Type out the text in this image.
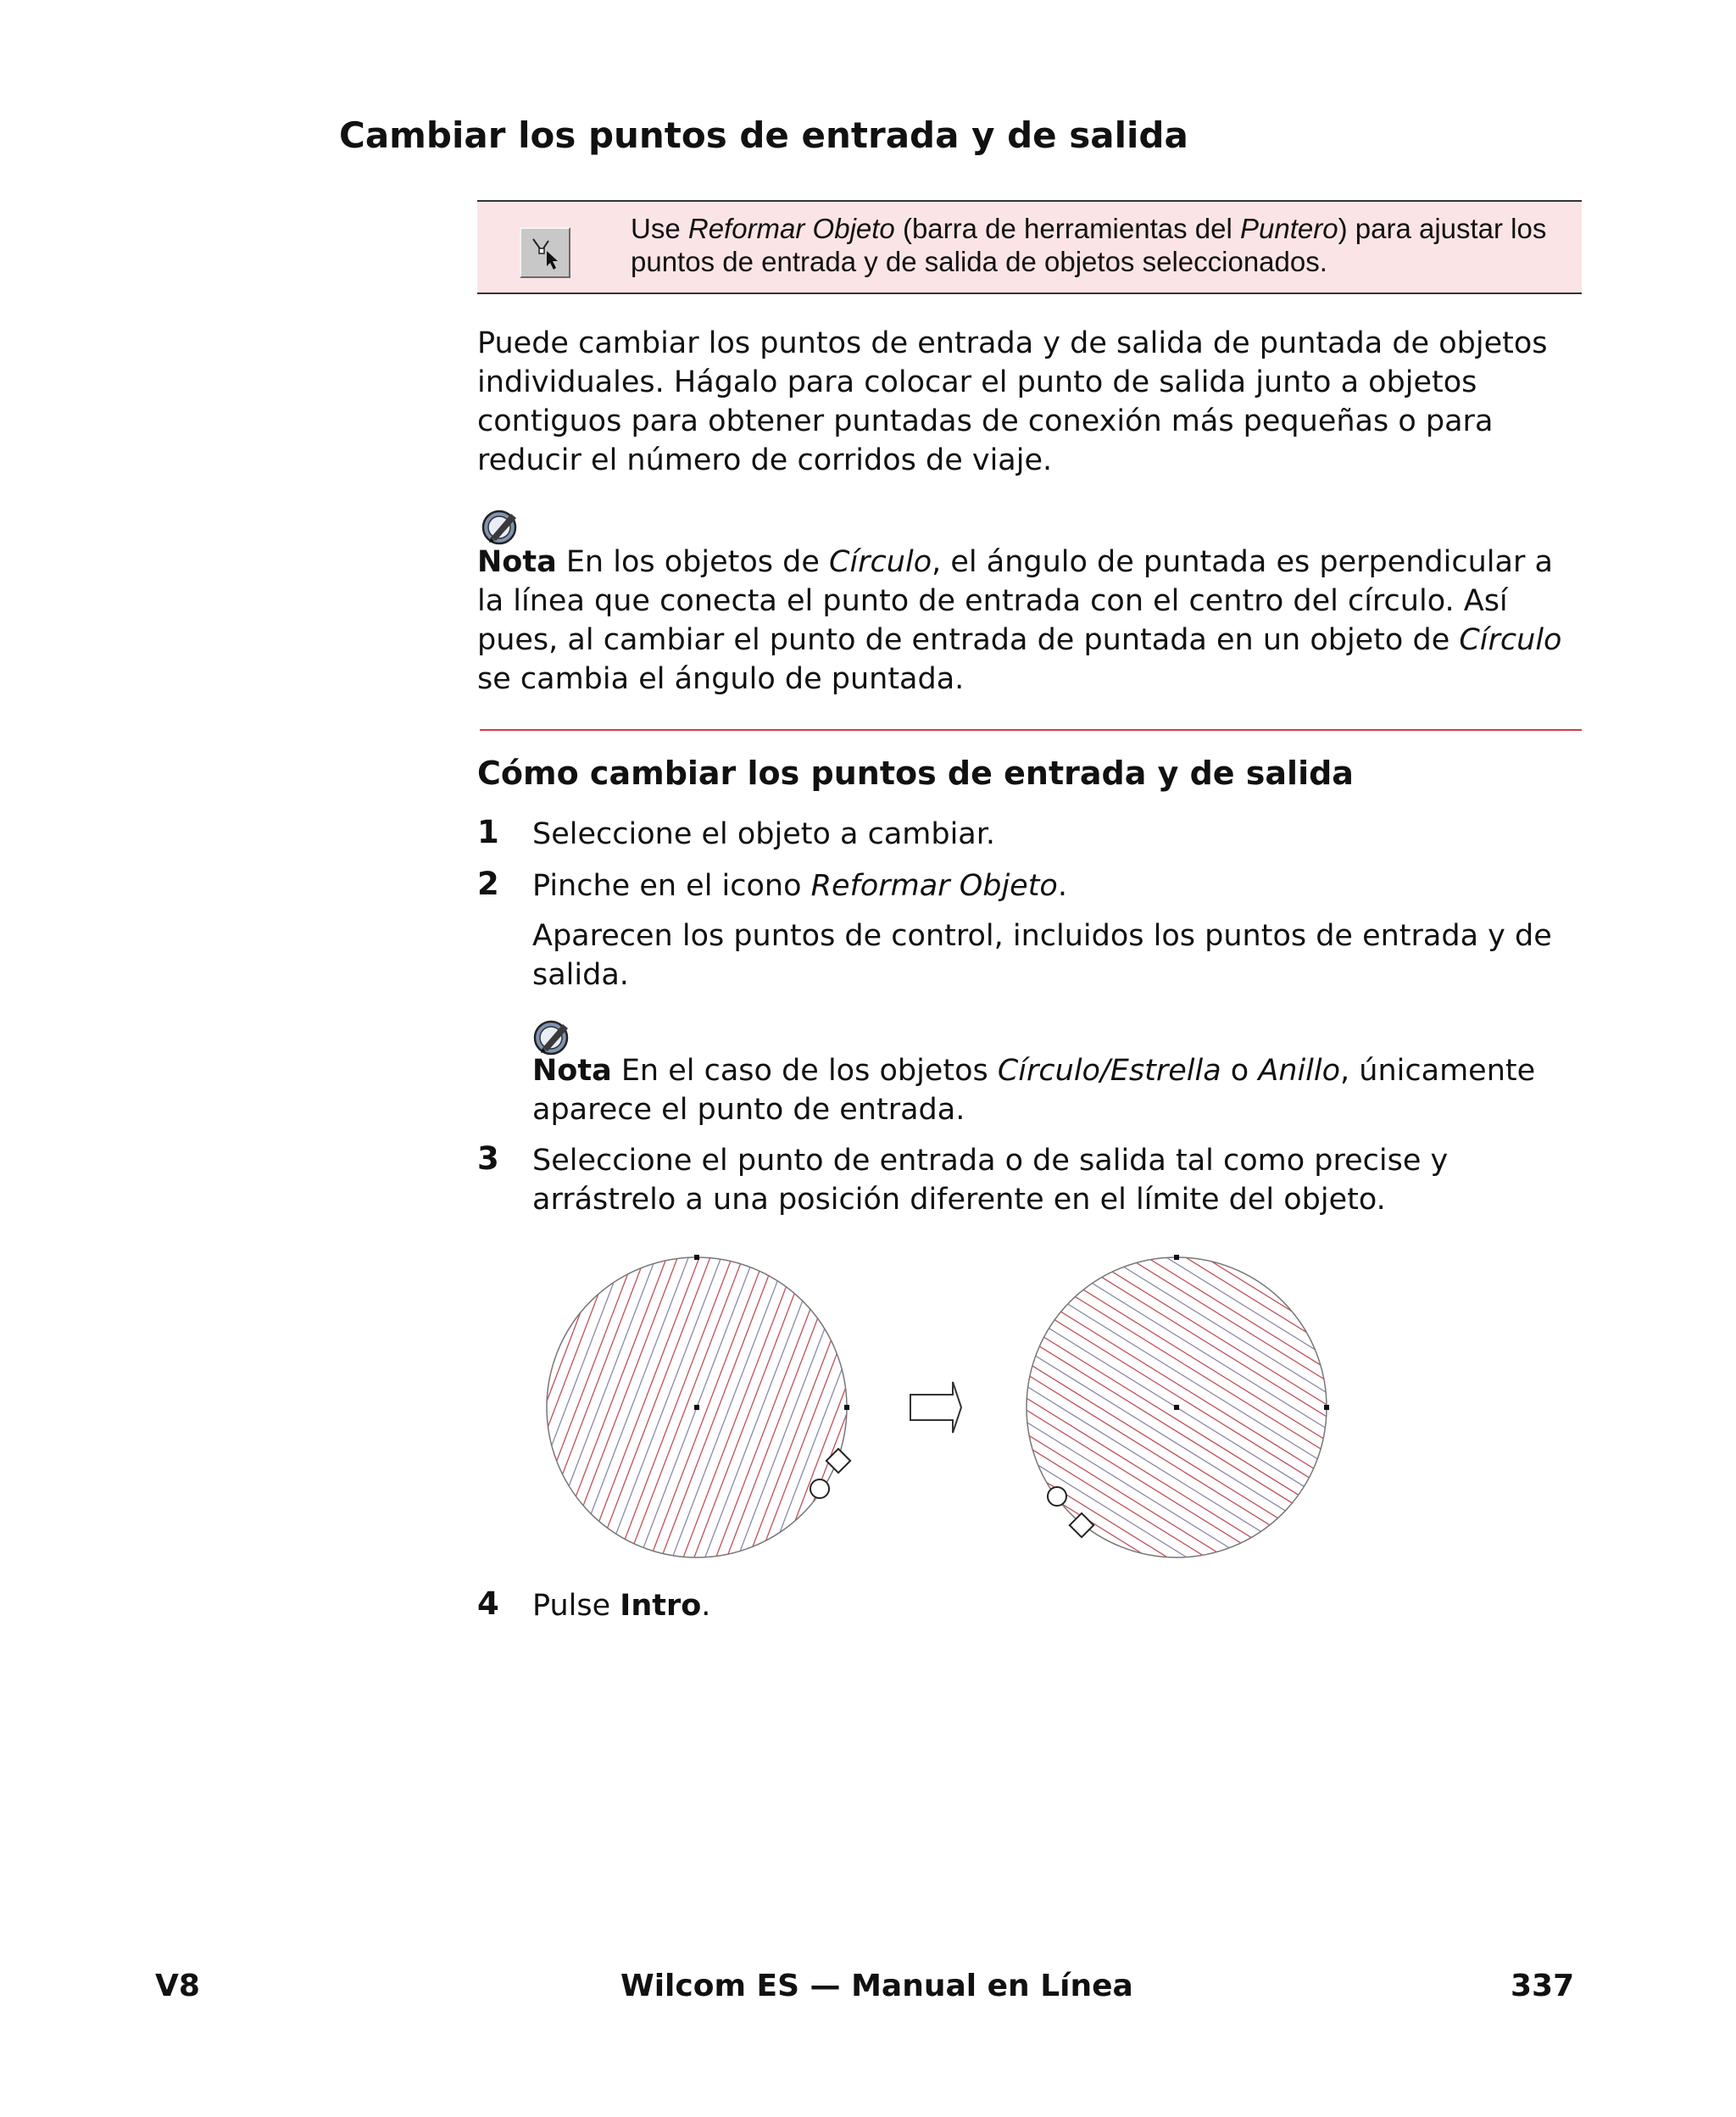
Cambiar los puntos de entrada y de salida
Use Reformar Objeto (barra de herramientas del Puntero) para ajustar los puntos de entrada y de salida de objetos seleccionados.
Puede cambiar los puntos de entrada y de salida de puntada de objetos individuales. Hágalo para colocar el punto de salida junto a objetos contiguos para obtener puntadas de conexión más pequeñas o para reducir el número de corridos de viaje.
Nota En los objetos de Círculo, el ángulo de puntada es perpendicular a la línea que conecta el punto de entrada con el centro del círculo. Así pues, al cambiar el punto de entrada de puntada en un objeto de Círculo se cambia el ángulo de puntada.
Cómo cambiar los puntos de entrada y de salida
1 Seleccione el objeto a cambiar.
2 Pinche en el icono Reformar Objeto.
Aparecen los puntos de control, incluidos los puntos de entrada y de salida.
Nota En el caso de los objetos Círculo/Estrella o Anillo, únicamente aparece el punto de entrada.
3 Seleccione el punto de entrada o de salida tal como precise y arrástrelo a una posición diferente en el límite del objeto.
4 Pulse Intro.
V8	Wilcom ES — Manual en Línea	337
